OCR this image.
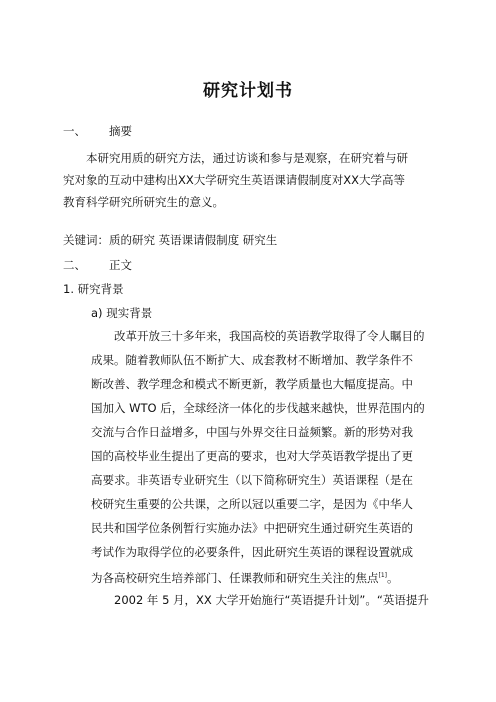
研究计划书
一、 摘要

本研究用质的研究方法，通过访谈和参与是观察，在研究着与研

究对象的互动中建构出XX大学研究生英语课请假制度对XX大学高等

教育科学研究所研究生的意义。

关键词：质的研究 英语课请假制度 研究生
二、 正文
1. 研究背景
a) 现实背景

改革开放三十多年来，我国高校的英语教学取得了令人瞩目的

成果。随着教师队伍不断扩大、成套教材不断增加、教学条件不

断改善、教学理念和模式不断更新，教学质量也大幅度提高。中

国加入 WTO 后，全球经济一体化的步伐越来越快，世界范围内的

交流与合作日益增多，中国与外界交往日益频繁。新的形势对我

国的高校毕业生提出了更高的要求，也对大学英语教学提出了更

高要求。非英语专业研究生（以下简称研究生）英语课程（是在

校研究生重要的公共课，之所以冠以重要二字，是因为《中华人

民共和国学位条例暂行实施办法》中把研究生通过研究生英语的

考试作为取得学位的必要条件，因此研究生英语的课程设置就成

为各高校研究生培养部门、任课教师和研究生关注的焦点[1]。

2002 年 5 月，XX 大学开始施行“英语提升计划”。“英语提升
